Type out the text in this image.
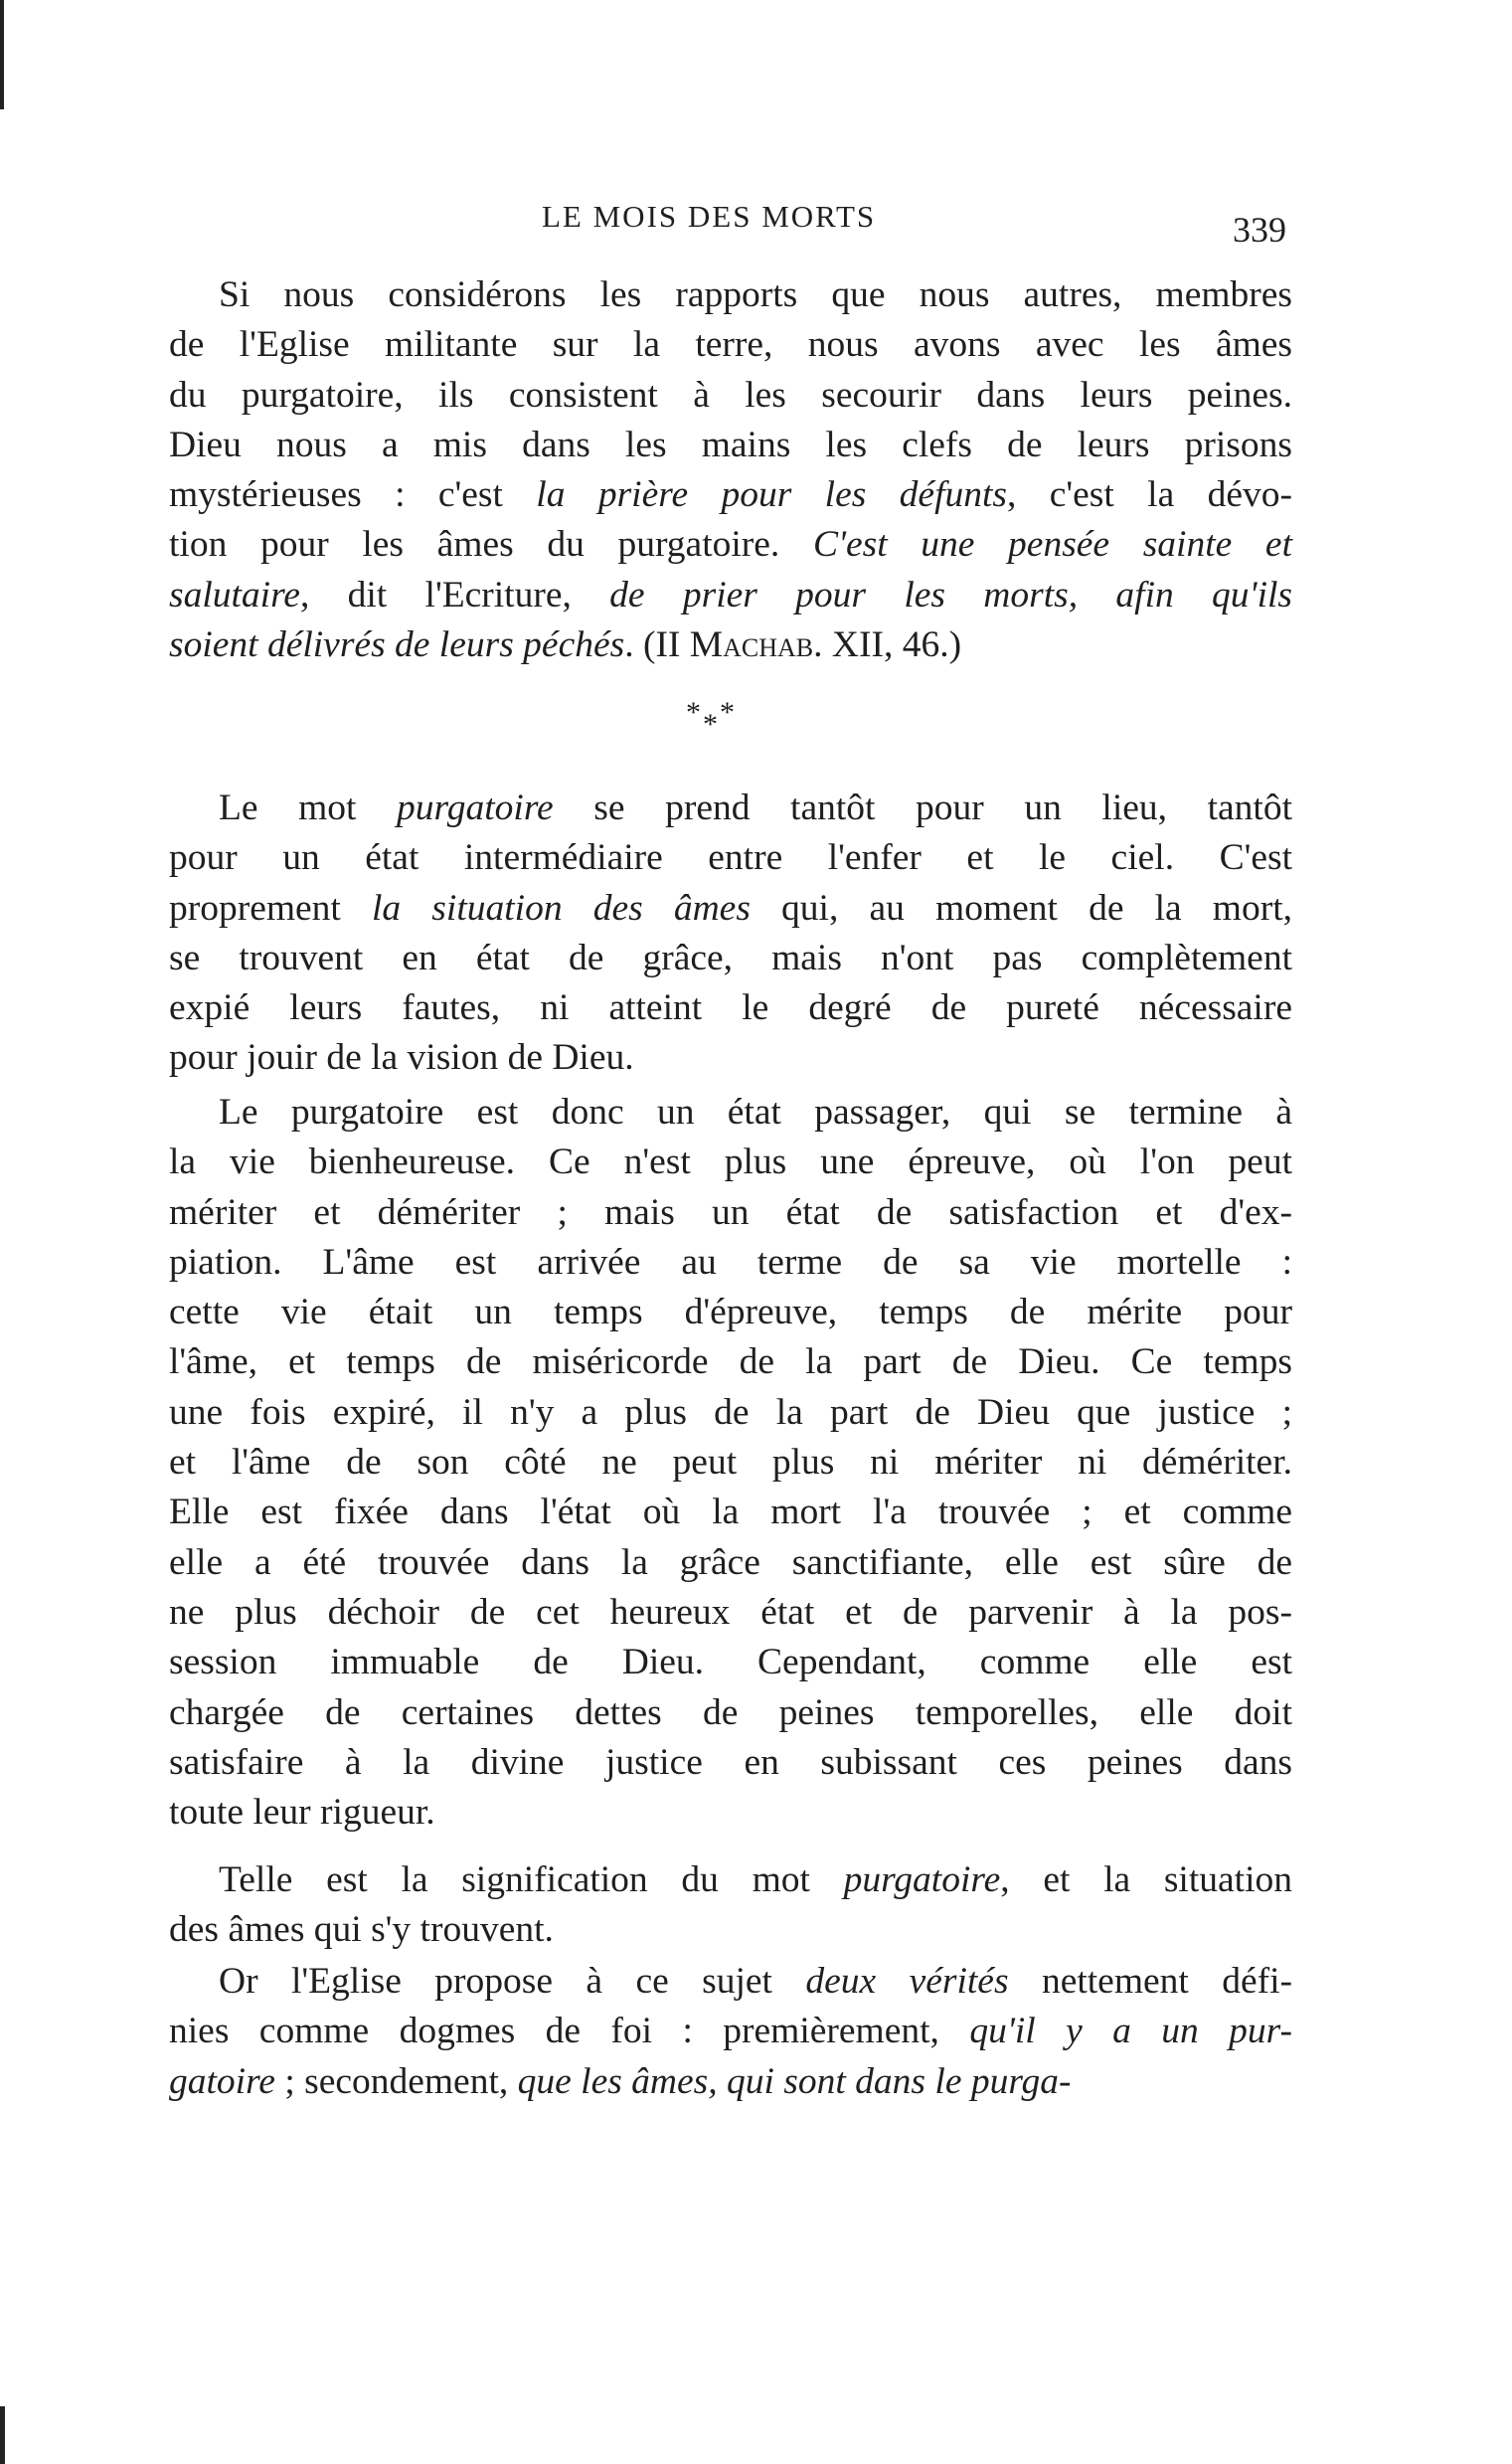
LE MOIS DES MORTS	339
Si nous considérons les rapports que nous autres, membres
de l'Eglise militante sur la terre, nous avons avec les âmes
du purgatoire, ils consistent à les secourir dans leurs peines.
Dieu nous a mis dans les mains les clefs de leurs prisons
mystérieuses : c'est la prière pour les défunts, c'est la dévo-
tion pour les âmes du purgatoire. C'est une pensée sainte et
salutaire, dit l'Ecriture, de prier pour les morts, afin qu'ils
soient délivrés de leurs péchés. (II Machab. XII, 46.)
***
Le mot purgatoire se prend tantôt pour un lieu, tantôt
pour un état intermédiaire entre l'enfer et le ciel. C'est
proprement la situation des âmes qui, au moment de la mort,
se trouvent en état de grâce, mais n'ont pas complètement
expié leurs fautes, ni atteint le degré de pureté nécessaire
pour jouir de la vision de Dieu.
Le purgatoire est donc un état passager, qui se termine à
la vie bienheureuse. Ce n'est plus une épreuve, où l'on peut
mériter et démériter ; mais un état de satisfaction et d'ex-
piation. L'âme est arrivée au terme de sa vie mortelle :
cette vie était un temps d'épreuve, temps de mérite pour
l'âme, et temps de miséricorde de la part de Dieu. Ce temps
une fois expiré, il n'y a plus de la part de Dieu que justice ;
et l'âme de son côté ne peut plus ni mériter ni démériter.
Elle est fixée dans l'état où la mort l'a trouvée ; et comme
elle a été trouvée dans la grâce sanctifiante, elle est sûre de
ne plus déchoir de cet heureux état et de parvenir à la pos-
session immuable de Dieu. Cependant, comme elle est
chargée de certaines dettes de peines temporelles, elle doit
satisfaire à la divine justice en subissant ces peines dans
toute leur rigueur.
Telle est la signification du mot purgatoire, et la situation
des âmes qui s'y trouvent.
Or l'Eglise propose à ce sujet deux vérités nettement défi-
nies comme dogmes de foi : premièrement, qu'il y a un pur-
gatoire ; secondement, que les âmes, qui sont dans le purga-
